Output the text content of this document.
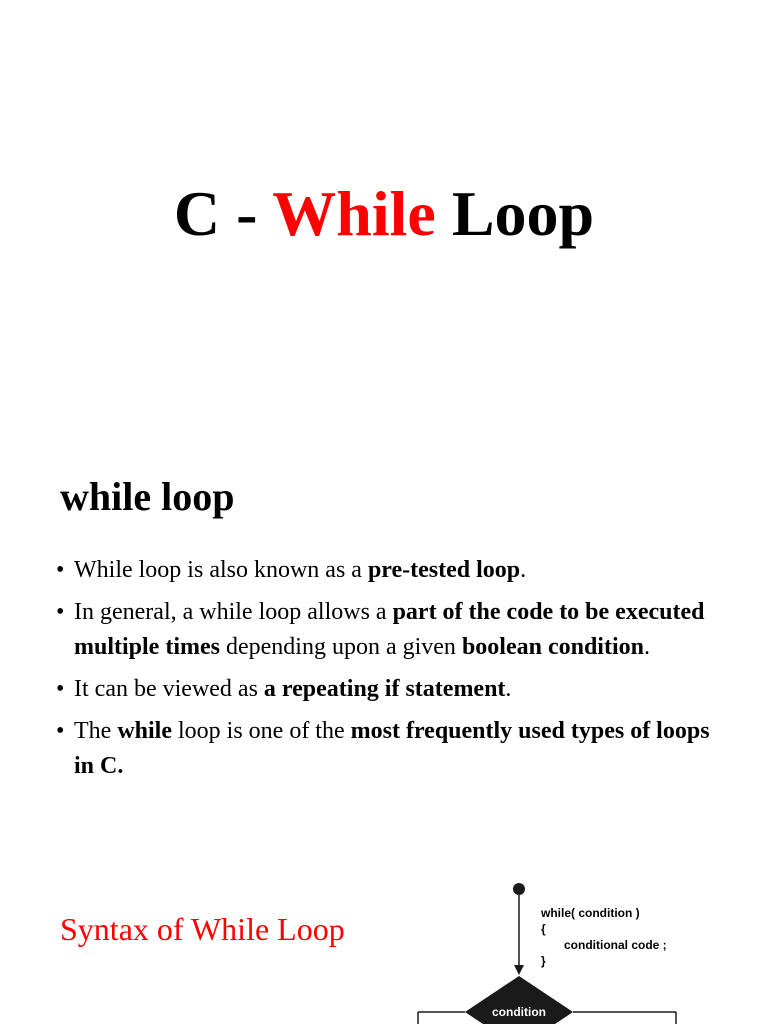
C - While Loop
while loop
• While loop is also known as a pre-tested loop.
• In general, a while loop allows a part of the code to be executed multiple times depending upon a given boolean condition.
• It can be viewed as a repeating if statement.
• The while loop is one of the most frequently used types of loops in C.
Syntax of While Loop	while( condition )
{
conditional code ;
}
condition
